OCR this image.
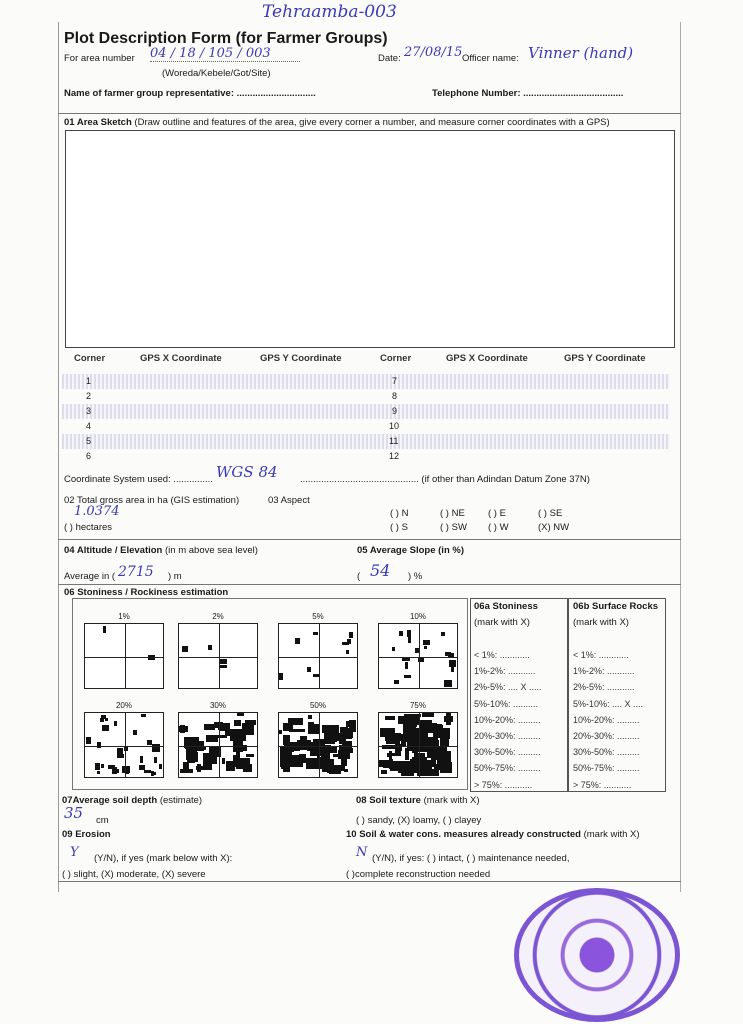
Tehraamba-003
Plot Description Form (for Farmer Groups)
For area number 04 / 18 / 105 / 003
(Woreda/Kebele/Got/Site)
Date: 27/08/15 Officer name: Vinner (hand)
Name of farmer group representative: ..............................	Telephone Number: ......................................
01 Area Sketch (Draw outline and features of the area, give every corner a number, and measure corner coordinates with a GPS)
Corner	GPS X Coordinate	GPS Y Coordinate	Corner	GPS X Coordinate	GPS Y Coordinate
1	7
2	8
3	9
4	10
5	11
6	12
Coordinate System used: ............... WGS 84 ............................................. (if other than Adindan Datum Zone 37N)
02 Total gross area in ha (GIS estimation)	03 Aspect
1.0374
( ) hectares
( ) N	( ) NE ( ) E	( ) SE
( ) S	( ) SW ( ) W	(X) NW
04 Altitude / Elevation (in m above sea level)
Average in ( 2715 ) m
05 Average Slope (in %)
( 54 ) %
06 Stoniness / Rockiness estimation
1%	2%	5%	10%
20%	30%	50%	75%
06a Stoniness
(mark with X)
06b Surface Rocks
(mark with X)
< 1%: ............
1%-2%: ...........
2%-5%: .... X .....
5%-10%: ..........
10%-20%: .........
20%-30%: .........
30%-50%: .........
50%-75%: .........
> 75%: ...........
< 1%: ............
1%-2%: ...........
2%-5%: ...........
5%-10%: .... X ....
10%-20%: .........
20%-30%: .........
30%-50%: .........
50%-75%: .........
> 75%: ...........
07Average soil depth (estimate)
35 cm
08 Soil texture (mark with X)
( ) sandy, (X) loamy, ( ) clayey
09 Erosion
Y (Y/N), if yes (mark below with X):
( ) slight, (X) moderate, (X) severe
10 Soil & water cons. measures already constructed (mark with X)
N (Y/N), if yes: ( ) intact, ( ) maintenance needed,
( )complete reconstruction needed
